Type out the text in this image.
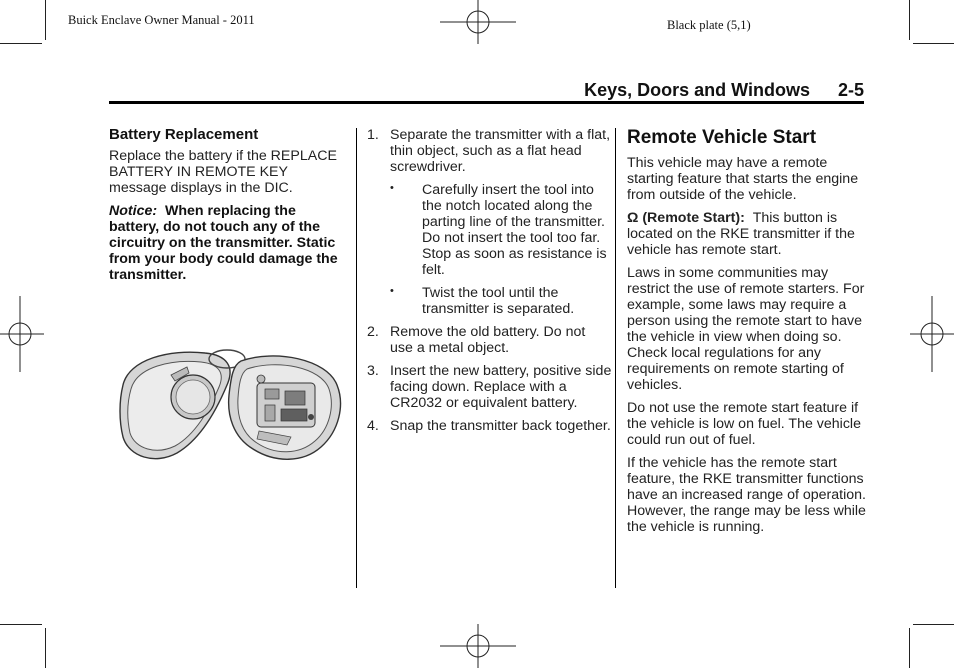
Buick Enclave Owner Manual - 2011	Black plate (5,1)
Keys, Doors and Windows 2-5
Battery Replacement

Replace the battery if the REPLACE BATTERY IN REMOTE KEY message displays in the DIC.

Notice: When replacing the battery, do not touch any of the circuitry on the transmitter. Static from your body could damage the transmitter.

1. Separate the transmitter with a flat, thin object, such as a flat head screwdriver.
•	Carefully insert the tool into the notch located along the parting line of the transmitter. Do not insert the tool too far. Stop as soon as resistance is felt.
•	Twist the tool until the transmitter is separated.
2. Remove the old battery. Do not use a metal object.
3. Insert the new battery, positive side facing down. Replace with a CR2032 or equivalent battery.
4. Snap the transmitter back together.
Remote Vehicle Start

This vehicle may have a remote starting feature that starts the engine from outside of the vehicle.

Ω (Remote Start): This button is located on the RKE transmitter if the vehicle has remote start.

Laws in some communities may restrict the use of remote starters. For example, some laws may require a person using the remote start to have the vehicle in view when doing so. Check local regulations for any requirements on remote starting of vehicles.

Do not use the remote start feature if the vehicle is low on fuel. The vehicle could run out of fuel.

If the vehicle has the remote start feature, the RKE transmitter functions have an increased range of operation. However, the range may be less while the vehicle is running.
